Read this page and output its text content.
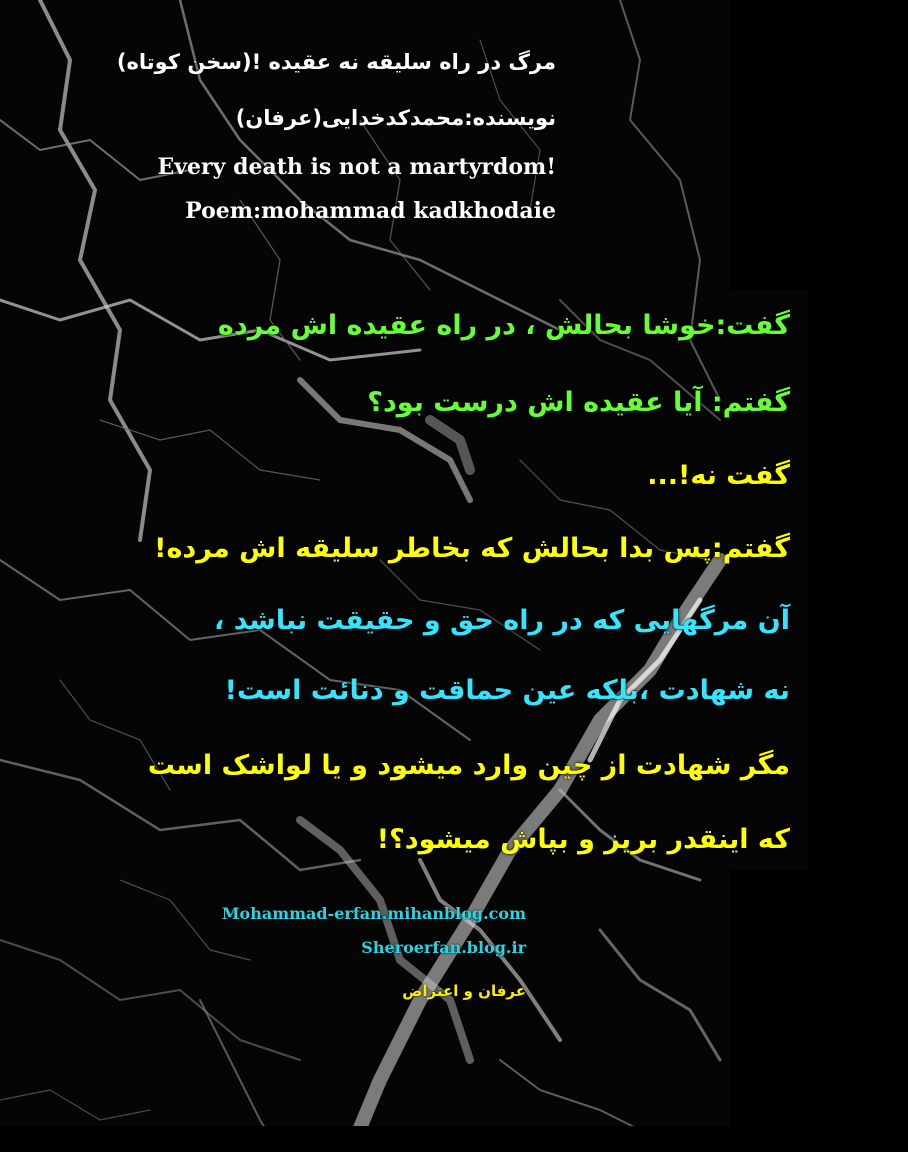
مرگ در راه سلیقه نه عقیده !(سخن کوتاه)
نویسنده:محمدکدخدایی(عرفان)
Every death is not a martyrdom!
Poem:mohammad kadkhodaie
گفت:خوشا بحالش ، در راه عقیده اش مرده
گفتم: آیا عقیده اش درست بود؟
گفت نه!...
گفتم:پس بدا بحالش که بخاطر سلیقه اش مرده!
آن مرگهایی که در راه حق و حقیقت نباشد ،
نه شهادت ،بلکه عین حماقت و دنائت است!
مگر شهادت از چین وارد میشود و یا لواشک است
که اینقدر بریز و بپاش میشود؟!
Mohammad-erfan.mihanblog.com
Sheroerfan.blog.ir
عرفان و اعتراض
